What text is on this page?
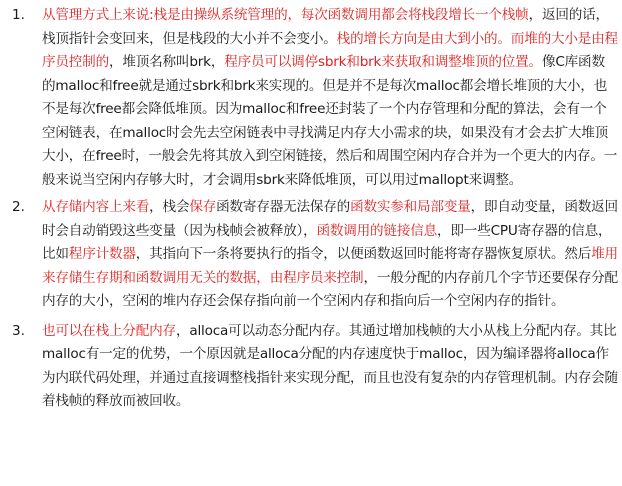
1.	从管理方式上来说:栈是由操纵系统管理的，每次函数调用都会将栈段增长一个栈帧，返回的话，栈顶指针会变回来，但是栈段的大小并不会变小。栈的增长方向是由大到小的。而堆的大小是由程序员控制的，堆顶名称叫brk，程序员可以调停sbrk和brk来获取和调整堆顶的位置。像C库函数的malloc和free就是通过sbrk和brk来实现的。但是并不是每次malloc都会增长堆顶的大小，也不是每次free都会降低堆顶。因为malloc和free还封装了一个内存管理和分配的算法，会有一个空闲链表，在malloc时会先去空闲链表中寻找满足内存大小需求的块，如果没有才会去扩大堆顶大小，在free时，一般会先将其放入到空闲链接，然后和周围空闲内存合并为一个更大的内存。一般来说当空闲内存够大时，才会调用sbrk来降低堆顶，可以用过mallopt来调整。

2.	从存储内容上来看，栈会保存函数寄存器无法保存的函数实参和局部变量，即自动变量，函数返回时会自动销毁这些变量（因为栈帧会被释放），函数调用的链接信息，即一些CPU寄存器的信息，比如程序计数器，其指向下一条将要执行的指令，以便函数返回时能将寄存器恢复原状。然后堆用来存储生存期和函数调用无关的数据，由程序员来控制，一般分配的内存前几个字节还要保存分配内存的大小，空闲的堆内存还会保存指向前一个空闲内存和指向后一个空闲内存的指针。

3.	也可以在栈上分配内存，alloca可以动态分配内存。其通过增加栈帧的大小从栈上分配内存。其比malloc有一定的优势，一个原因就是alloca分配的内存速度快于malloc，因为编译器将alloca作为内联代码处理，并通过直接调整栈指针来实现分配，而且也没有复杂的内存管理机制。内存会随着栈帧的释放而被回收。
